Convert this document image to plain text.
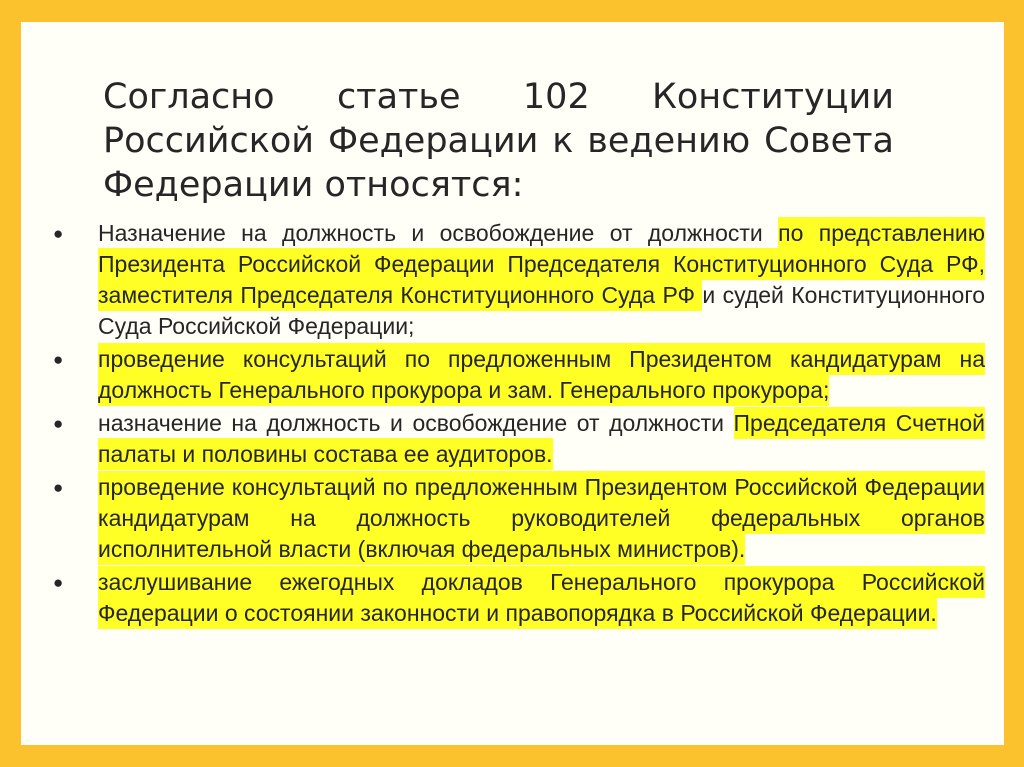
Согласно статье 102 Конституции Российской Федерации к ведению Совета Федерации относятся:
● Назначение на должность и освобождение от должности по представлению Президента Российской Федерации Председателя Конституционного Суда РФ, заместителя Председателя Конституционного Суда РФ и судей Конституционного Суда Российской Федерации;
● проведение консультаций по предложенным Президентом кандидатурам на должность Генерального прокурора и зам. Генерального прокурора;
● назначение на должность и освобождение от должности Председателя Счетной палаты и половины состава ее аудиторов.
● проведение консультаций по предложенным Президентом Российской Федерации кандидатурам на должность руководителей федеральных органов исполнительной власти (включая федеральных министров).
● заслушивание ежегодных докладов Генерального прокурора Российской Федерации о состоянии законности и правопорядка в Российской Федерации.
